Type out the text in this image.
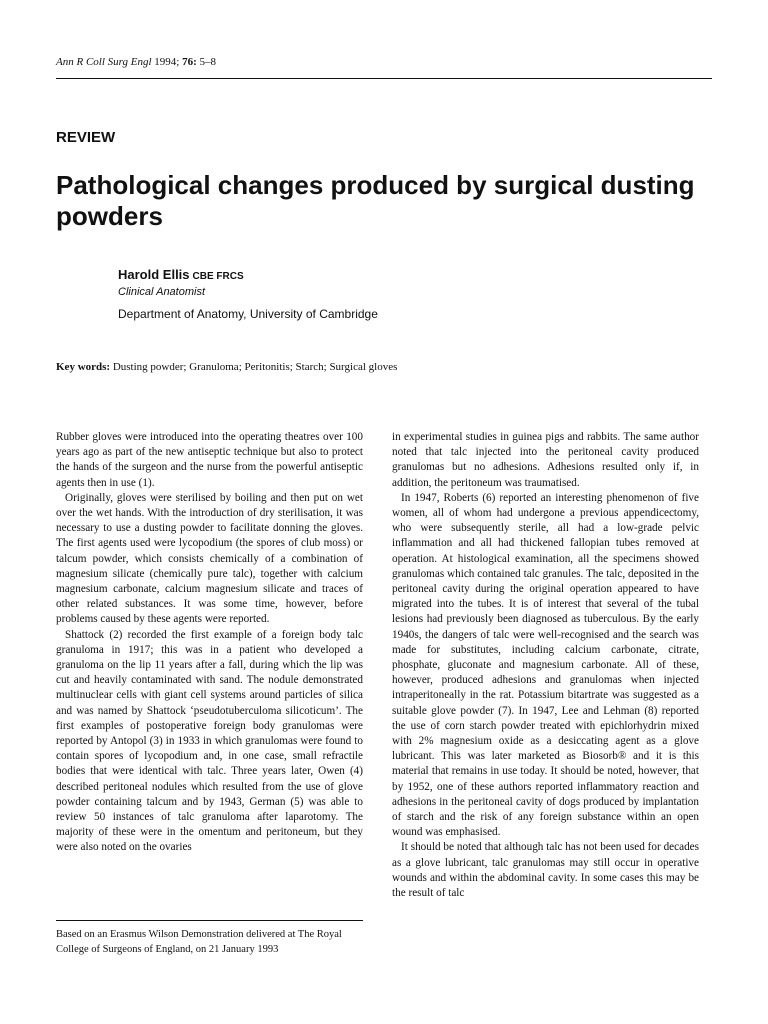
Ann R Coll Surg Engl 1994; 76: 5–8
REVIEW
Pathological changes produced by surgical dusting powders
Harold Ellis CBE FRCS
Clinical Anatomist
Department of Anatomy, University of Cambridge
Key words: Dusting powder; Granuloma; Peritonitis; Starch; Surgical gloves

Rubber gloves were introduced into the operating theatres over 100 years ago as part of the new antiseptic technique but also to protect the hands of the surgeon and the nurse from the powerful antiseptic agents then in use (1).

Originally, gloves were sterilised by boiling and then put on wet over the wet hands. With the introduction of dry sterilisation, it was necessary to use a dusting powder to facilitate donning the gloves. The first agents used were lycopodium (the spores of club moss) or talcum powder, which consists chemically of a combination of magnesium silicate (chemically pure talc), together with calcium magnesium carbonate, calcium magnesium silicate and traces of other related substances. It was some time, however, before problems caused by these agents were reported.

Shattock (2) recorded the first example of a foreign body talc granuloma in 1917; this was in a patient who developed a granuloma on the lip 11 years after a fall, during which the lip was cut and heavily contaminated with sand. The nodule demonstrated multinuclear cells with giant cell systems around particles of silica and was named by Shattock ‘pseudotuberculoma silicoticum’. The first examples of postoperative foreign body granulomas were reported by Antopol (3) in 1933 in which granulomas were found to contain spores of lycopodium and, in one case, small refractile bodies that were identical with talc. Three years later, Owen (4) described peritoneal nodules which resulted from the use of glove powder containing talcum and by 1943, German (5) was able to review 50 instances of talc granuloma after laparotomy. The majority of these were in the omentum and peritoneum, but they were also noted on the ovaries

Based on an Erasmus Wilson Demonstration delivered at The Royal College of Surgeons of England, on 21 January 1993

in experimental studies in guinea pigs and rabbits. The same author noted that talc injected into the peritoneal cavity produced granulomas but no adhesions. Adhesions resulted only if, in addition, the peritoneum was traumatised.

In 1947, Roberts (6) reported an interesting phenomenon of five women, all of whom had undergone a previous appendicectomy, who were subsequently sterile, all had a low-grade pelvic inflammation and all had thickened fallopian tubes removed at operation. At histological examination, all the specimens showed granulomas which contained talc granules. The talc, deposited in the peritoneal cavity during the original operation appeared to have migrated into the tubes. It is of interest that several of the tubal lesions had previously been diagnosed as tuberculous. By the early 1940s, the dangers of talc were well-recognised and the search was made for substitutes, including calcium carbonate, citrate, phosphate, gluconate and magnesium carbonate. All of these, however, produced adhesions and granulomas when injected intraperitoneally in the rat. Potassium bitartrate was suggested as a suitable glove powder (7). In 1947, Lee and Lehman (8) reported the use of corn starch powder treated with epichlorhydrin mixed with 2% magnesium oxide as a desiccating agent as a glove lubricant. This was later marketed as Biosorb® and it is this material that remains in use today. It should be noted, however, that by 1952, one of these authors reported inflammatory reaction and adhesions in the peritoneal cavity of dogs produced by implantation of starch and the risk of any foreign substance within an open wound was emphasised.

It should be noted that although talc has not been used for decades as a glove lubricant, talc granulomas may still occur in operative wounds and within the abdominal cavity. In some cases this may be the result of talc
